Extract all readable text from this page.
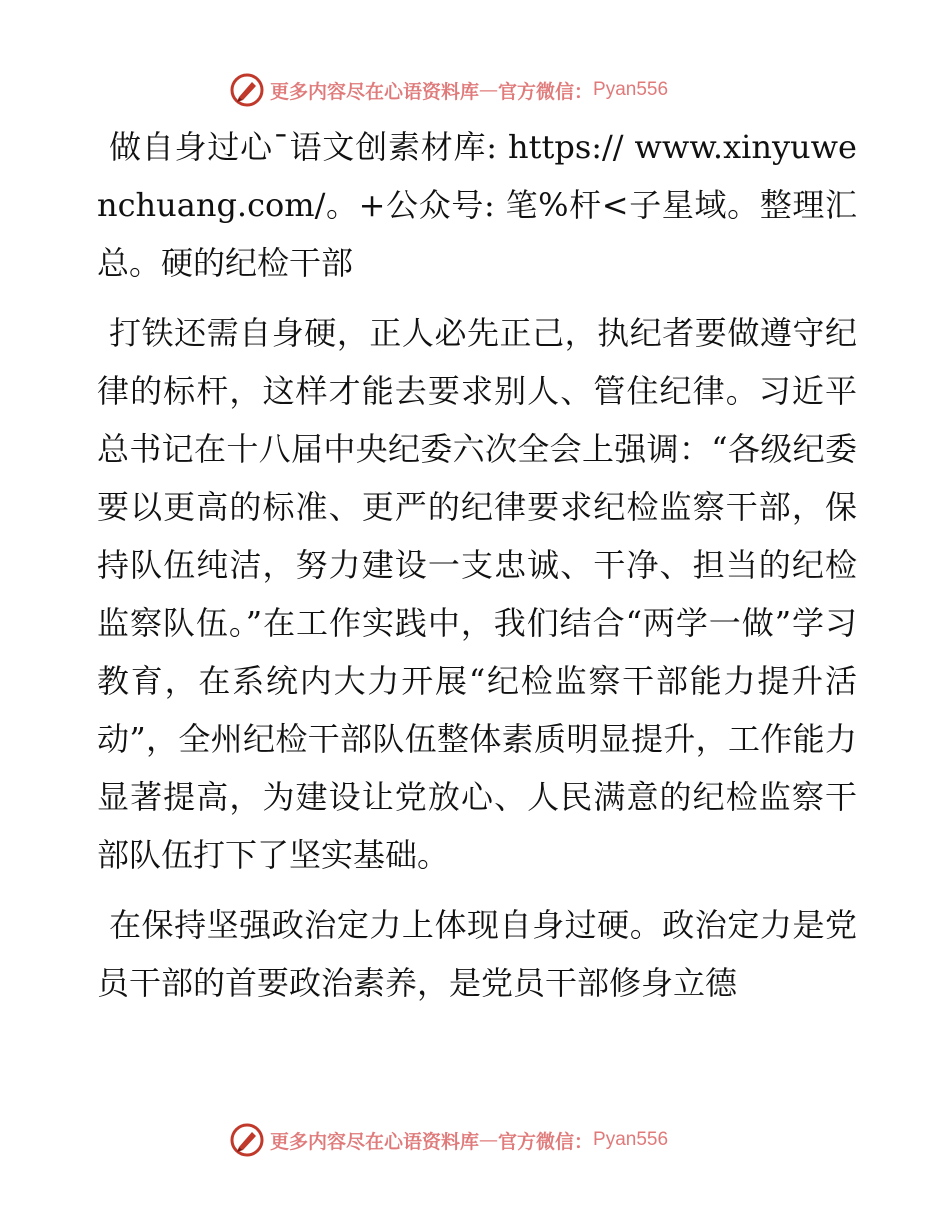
更多内容尽在心语资料库 — 官方微信： Pyan556

做自身过心¯语文创素材库: https:// www.xinyuwenchuang.com/。+公众号: 笔%杆<子星域。整理汇总。硬的纪检干部

打铁还需自身硬，正人必先正己，执纪者要做遵守纪律的标杆，这样才能去要求别人、管住纪律。习近平总书记在十八届中央纪委六次全会上强调：“各级纪委要以更高的标准、更严的纪律要求纪检监察干部，保持队伍纯洁，努力建设一支忠诚、干净、担当的纪检监察队伍。”在工作实践中，我们结合“两学一做”学习教育，在系统内大力开展“纪检监察干部能力提升活动”，全州纪检干部队伍整体素质明显提升，工作能力显著提高，为建设让党放心、人民满意的纪检监察干部队伍打下了坚实基础。

在保持坚强政治定力上体现自身过硬。政治定力是党员干部的首要政治素养，是党员干部修身立德

更多内容尽在心语资料库 — 官方微信： Pyan556
